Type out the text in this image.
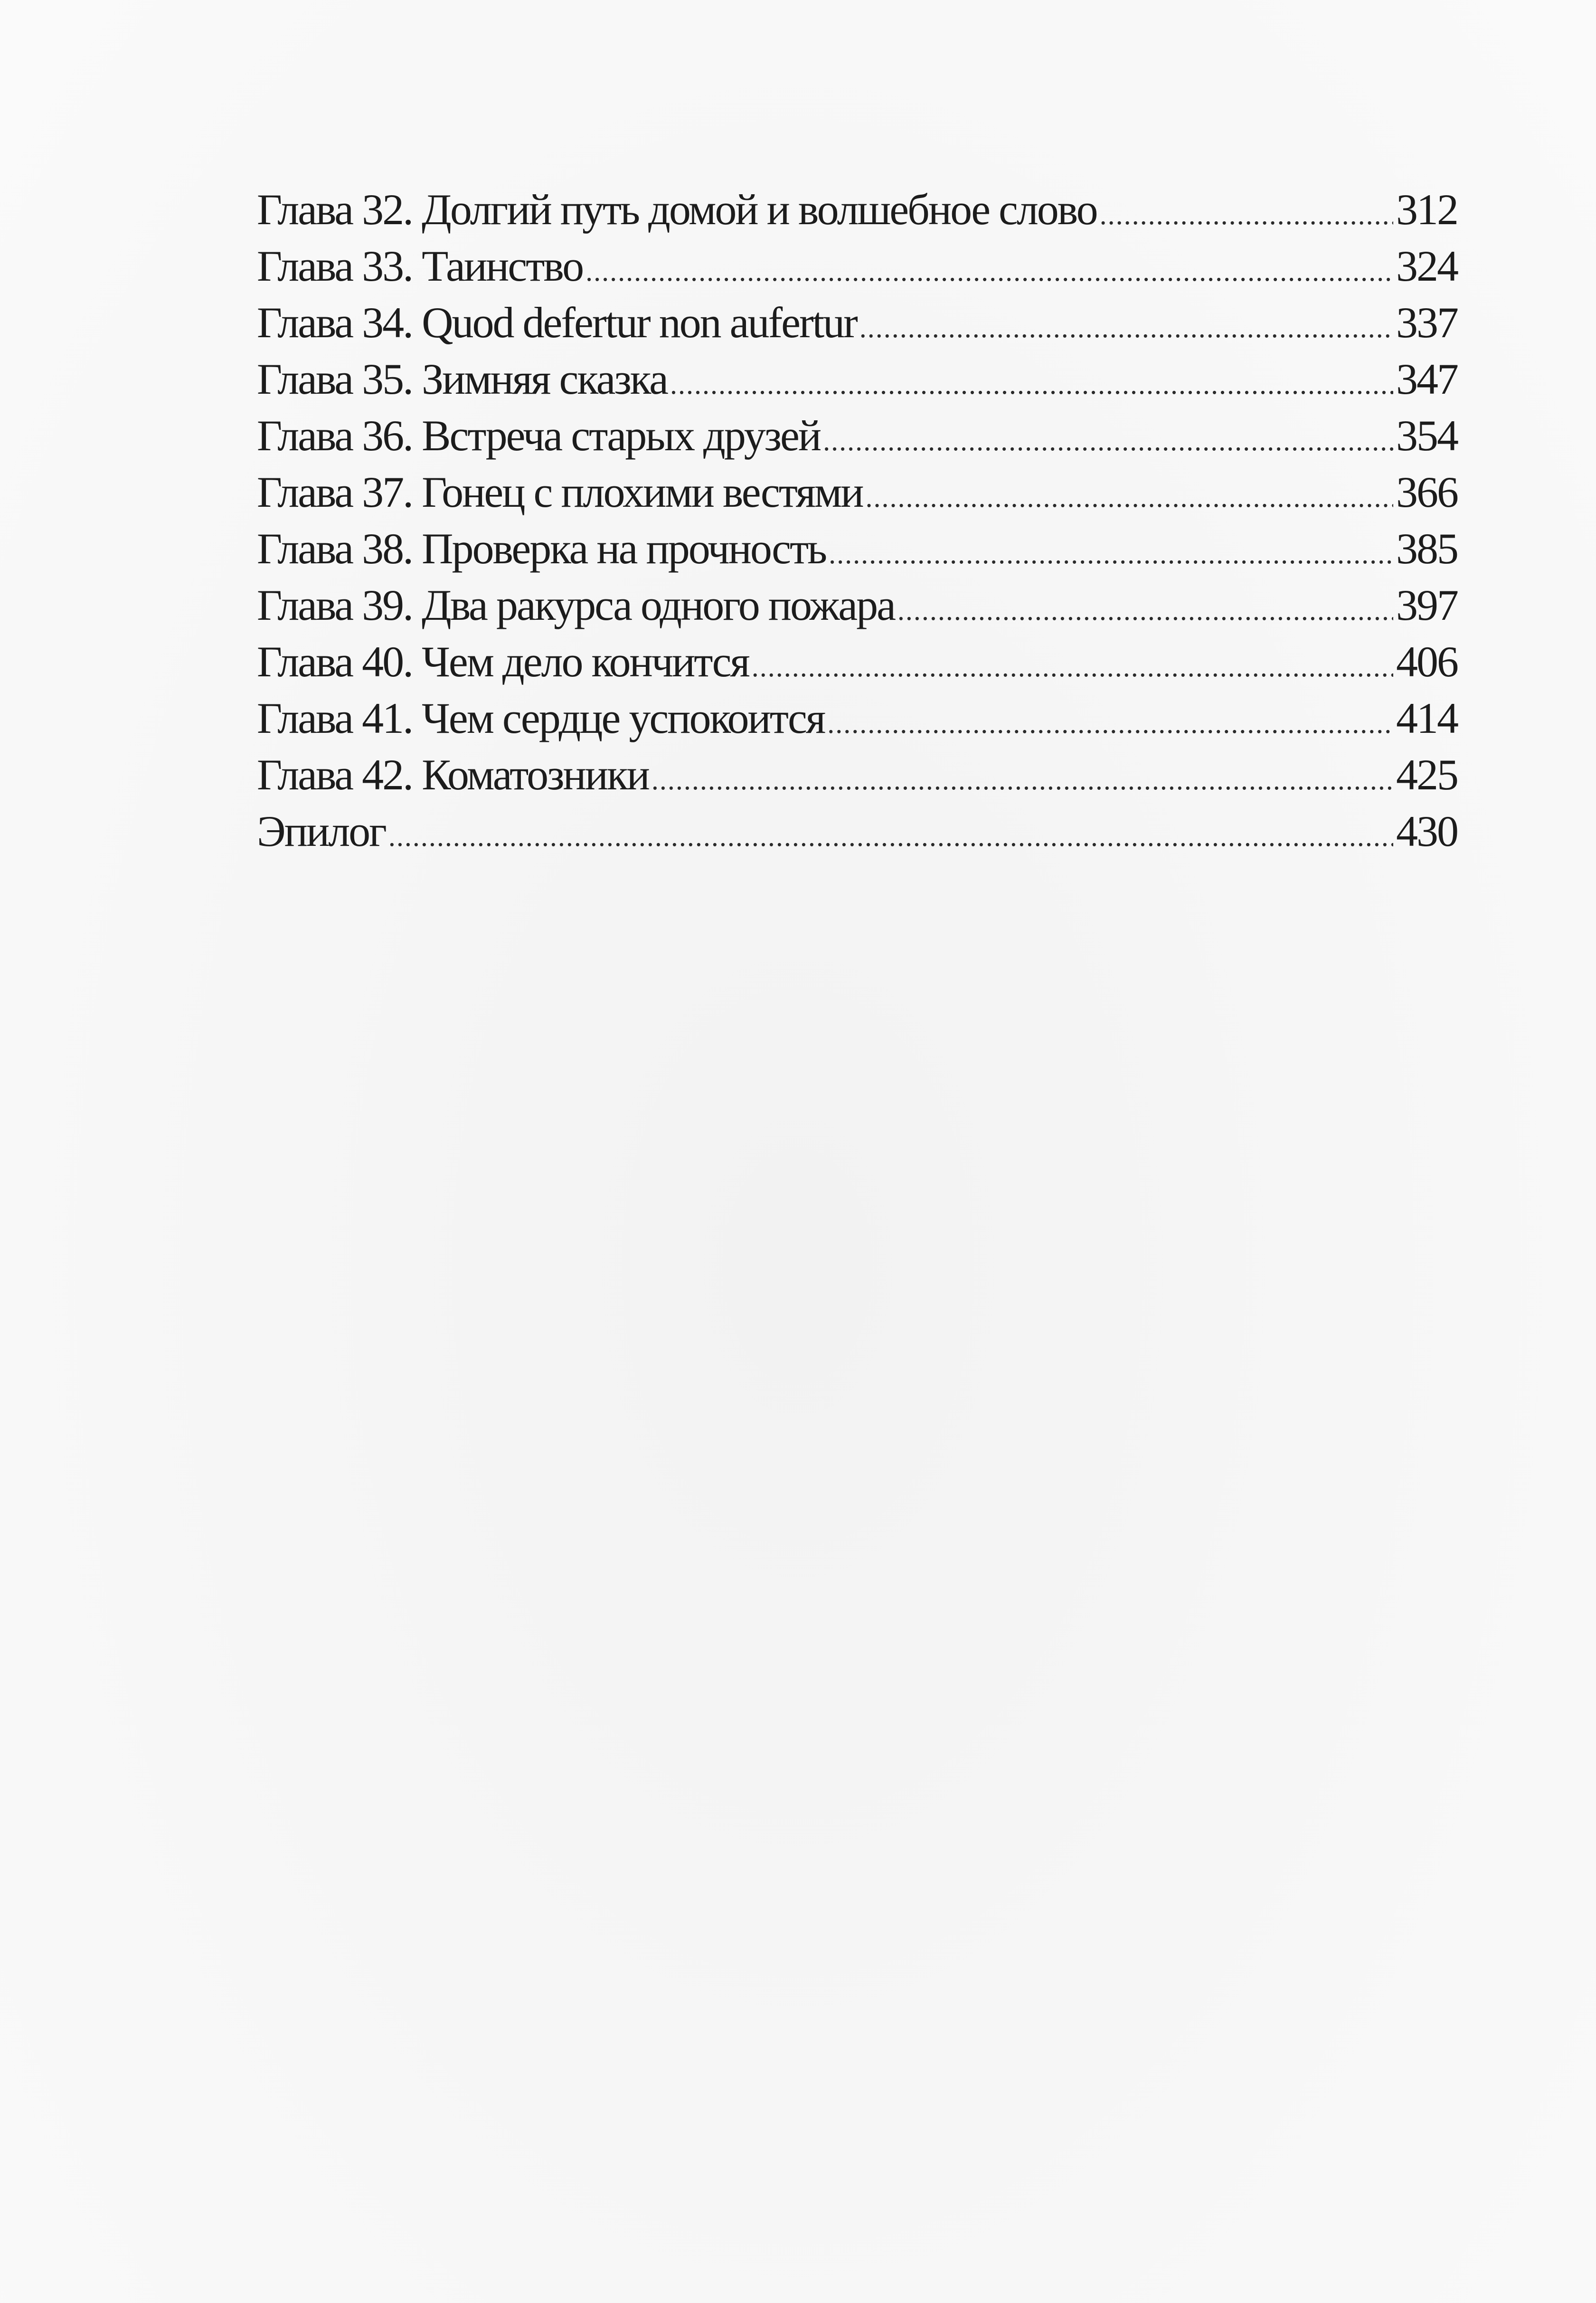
Глава 32. Долгий путь домой и волшебное слово .....	312
Глава 33. Таинство .....	324
Глава 34. Quod defertur non aufertur .....	337
Глава 35. Зимняя сказка .....	347
Глава 36. Встреча старых друзей .....	354
Глава 37. Гонец с плохими вестями .....	366
Глава 38. Проверка на прочность .....	385
Глава 39. Два ракурса одного пожара .....	397
Глава 40. Чем дело кончится .....	406
Глава 41. Чем сердце успокоится .....	414
Глава 42. Коматозники .....	425
Эпилог .....	430
